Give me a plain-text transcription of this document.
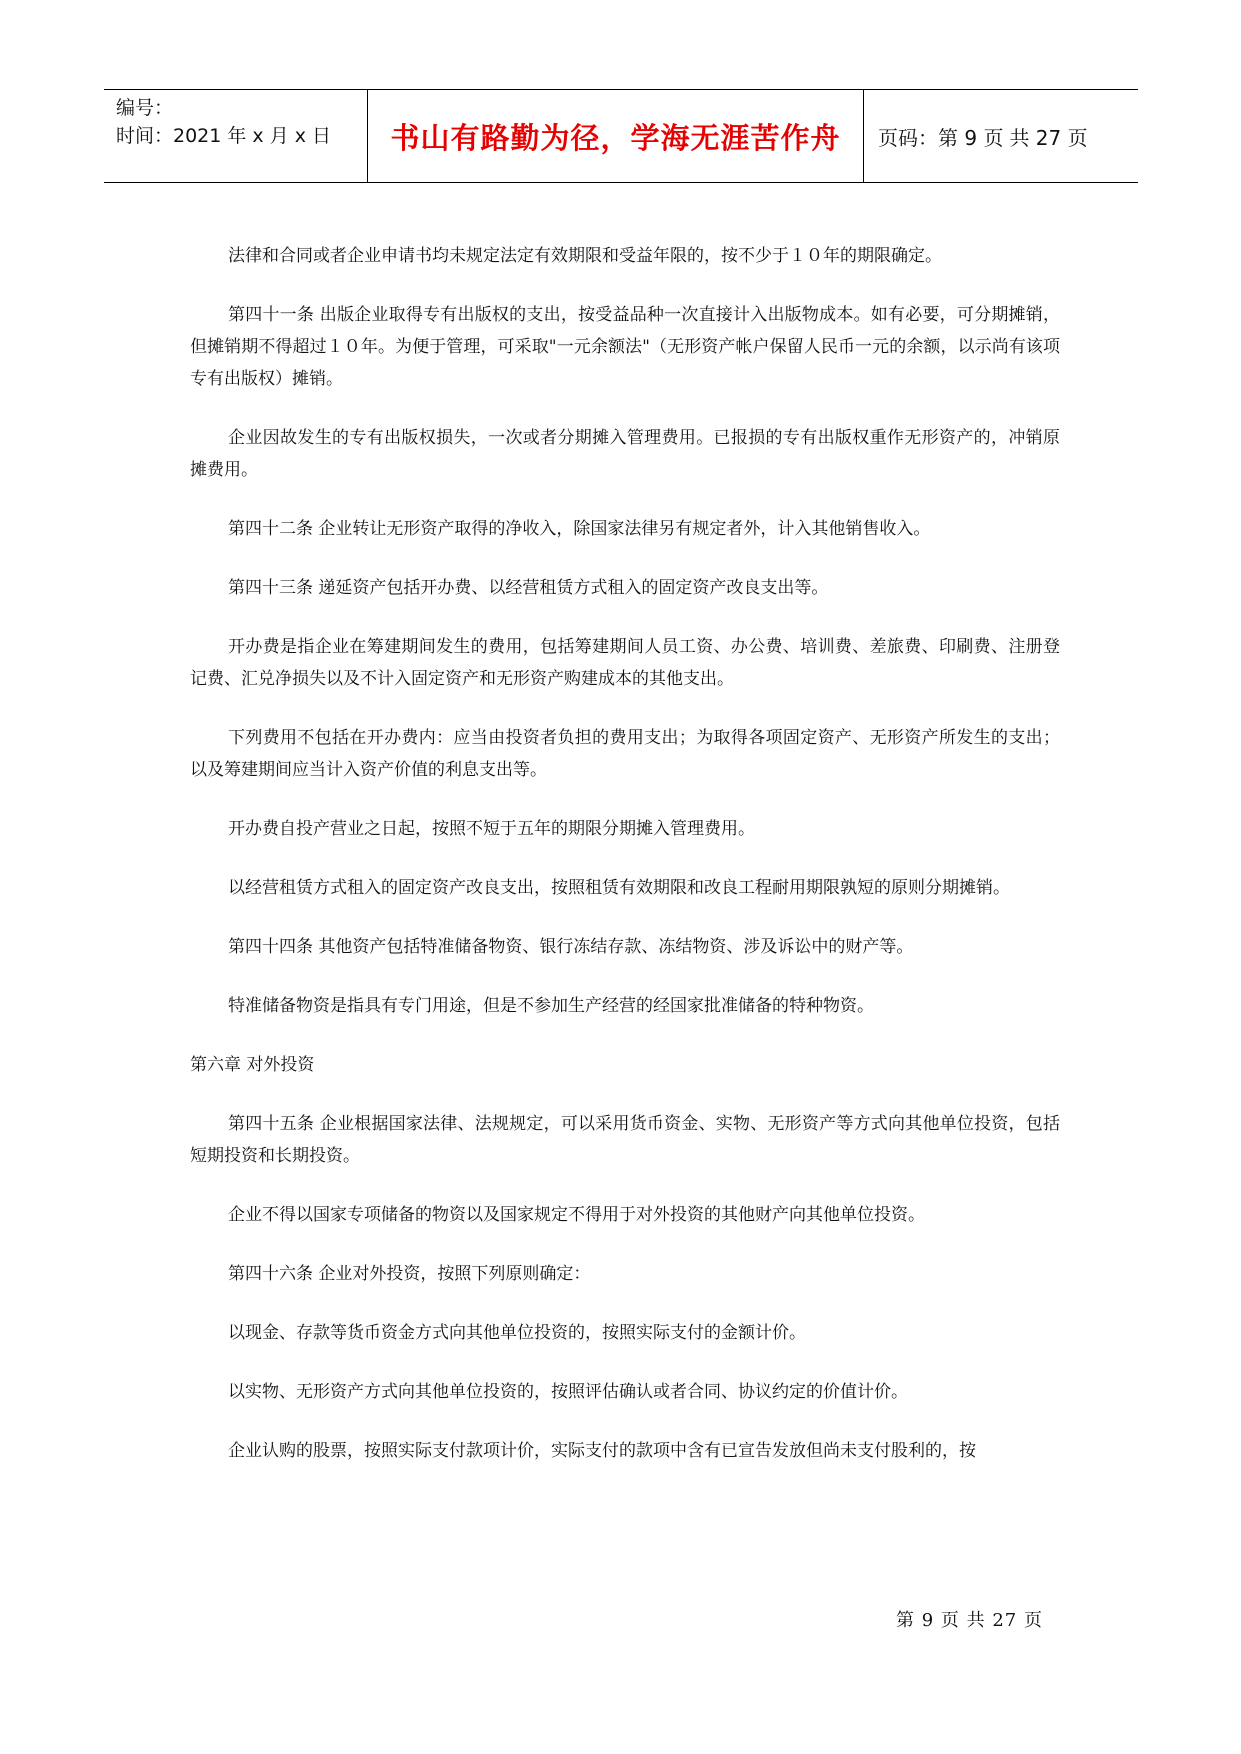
编号：
时间：2021 年 x 月 x 日	书山有路勤为径，学海无涯苦作舟 页码：第 9 页 共 27 页

法律和合同或者企业申请书均未规定法定有效期限和受益年限的，按不少于１０年的期限确定。

第四十一条 出版企业取得专有出版权的支出，按受益品种一次直接计入出版物成本。如有必要，可分期摊销，但摊销期不得超过１０年。为便于管理，可采取"一元余额法"（无形资产帐户保留人民币一元的余额，以示尚有该项专有出版权）摊销。

企业因故发生的专有出版权损失，一次或者分期摊入管理费用。已报损的专有出版权重作无形资产的，冲销原摊费用。

第四十二条 企业转让无形资产取得的净收入，除国家法律另有规定者外，计入其他销售收入。

第四十三条 递延资产包括开办费、以经营租赁方式租入的固定资产改良支出等。

开办费是指企业在筹建期间发生的费用，包括筹建期间人员工资、办公费、培训费、差旅费、印刷费、注册登记费、汇兑净损失以及不计入固定资产和无形资产购建成本的其他支出。

下列费用不包括在开办费内：应当由投资者负担的费用支出；为取得各项固定资产、无形资产所发生的支出；以及筹建期间应当计入资产价值的利息支出等。

开办费自投产营业之日起，按照不短于五年的期限分期摊入管理费用。

以经营租赁方式租入的固定资产改良支出，按照租赁有效期限和改良工程耐用期限孰短的原则分期摊销。

第四十四条 其他资产包括特准储备物资、银行冻结存款、冻结物资、涉及诉讼中的财产等。

特准储备物资是指具有专门用途，但是不参加生产经营的经国家批准储备的特种物资。

第六章 对外投资

第四十五条 企业根据国家法律、法规规定，可以采用货币资金、实物、无形资产等方式向其他单位投资，包括短期投资和长期投资。

企业不得以国家专项储备的物资以及国家规定不得用于对外投资的其他财产向其他单位投资。

第四十六条 企业对外投资，按照下列原则确定：

以现金、存款等货币资金方式向其他单位投资的，按照实际支付的金额计价。

以实物、无形资产方式向其他单位投资的，按照评估确认或者合同、协议约定的价值计价。

企业认购的股票，按照实际支付款项计价，实际支付的款项中含有已宣告发放但尚未支付股利的，按

第 9 页 共 27 页
